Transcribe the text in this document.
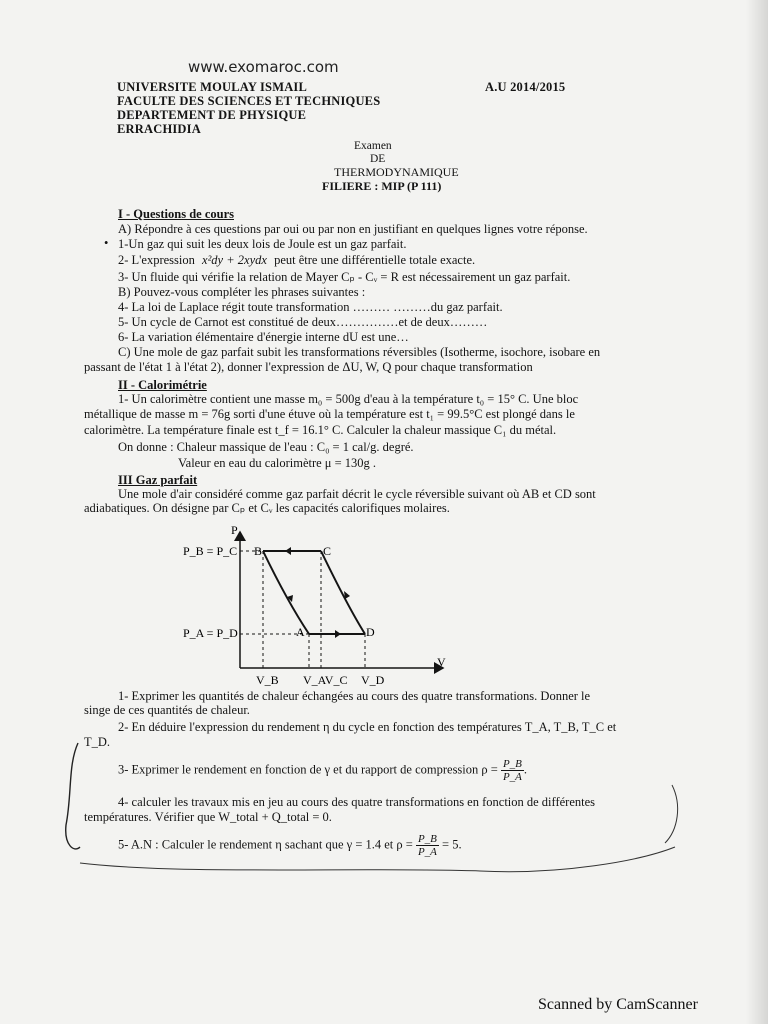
www.exomaroc.com
UNIVERSITE MOULAY ISMAIL
FACULTE DES SCIENCES ET TECHNIQUES
DEPARTEMENT DE PHYSIQUE
ERRACHIDIA
A.U 2014/2015
Examen
DE
THERMODYNAMIQUE
FILIERE : MIP (P 111)
I - Questions de cours
A) Répondre à ces questions par oui ou par non en justifiant en quelques lignes votre réponse.
• 1-Un gaz qui suit les deux lois de Joule est un gaz parfait.
2- L'expression x²dy + 2xydx peut être une différentielle totale exacte.
3- Un fluide qui vérifie la relation de Mayer Cₚ - Cᵥ = R est nécessairement un gaz parfait.
B) Pouvez-vous compléter les phrases suivantes :
4- La loi de Laplace régit toute transformation ……… ………du gaz parfait.
5- Un cycle de Carnot est constitué de deux……………et de deux………
6- La variation élémentaire d'énergie interne dU est une…
C) Une mole de gaz parfait subit les transformations réversibles (Isotherme, isochore, isobare en
passant de l'état 1 à l'état 2), donner l'expression de ΔU, W, Q pour chaque transformation
II - Calorimétrie
1- Un calorimètre contient une masse m₀ = 500g d'eau à la température t₀ = 15° C. Une bloc
métallique de masse m = 76g sorti d'une étuve où la température est t₁ = 99.5°C est plongé dans le
calorimètre. La température finale est t_f = 16.1° C. Calculer la chaleur massique C₁ du métal.
On donne : Chaleur massique de l'eau : C₀ = 1 cal/g. degré.
Valeur en eau du calorimètre μ = 130g .
III Gaz parfait
Une mole d'air considéré comme gaz parfait décrit le cycle réversible suivant où AB et CD sont
adiabatiques. On désigne par Cₚ et Cᵥ les capacités calorifiques molaires.
P
V
P_B = P_C
P_A = P_D
B	C
A	D
V_B V_AV_C V_D
1- Exprimer les quantités de chaleur échangées au cours des quatre transformations. Donner le
singe de ces quantités de chaleur.
2- En déduire l'expression du rendement η du cycle en fonction des températures T_A, T_B, T_C et
T_D.
3- Exprimer le rendement en fonction de γ et du rapport de compression $\rho = \frac{P\_B}{P\_A}$ .
4- calculer les travaux mis en jeu au cours des quatre transformations en fonction de différentes
températures. Vérifier que W_total + Q_total = 0.
5- A.N : Calculer le rendement η sachant que γ = 1.4 et $\rho = \frac{P\_B}{P\_A} = 5$.
Scanned by CamScanner
